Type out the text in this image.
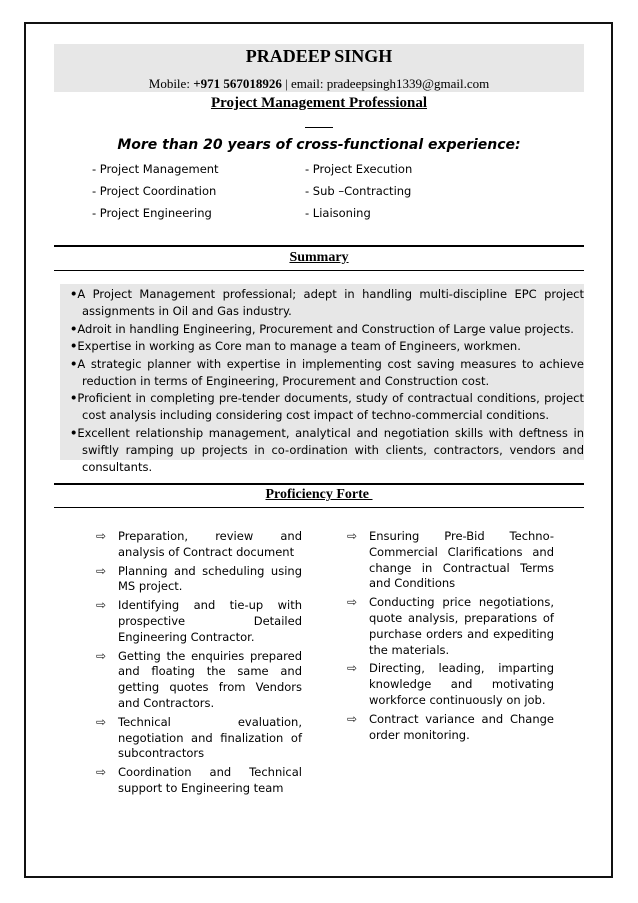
PRADEEP SINGH
Mobile: +971 567018926 | email: pradeepsingh1339@gmail.com
Project Management Professional
More than 20 years of cross-functional experience:
- Project Management
- Project Coordination
- Project Engineering
- Project Execution
- Sub –Contracting
- Liaisoning
Summary
•A Project Management professional; adept in handling multi-discipline EPC project assignments in Oil and Gas industry.
•Adroit in handling Engineering, Procurement and Construction of Large value projects.
•Expertise in working as Core man to manage a team of Engineers, workmen.
•A strategic planner with expertise in implementing cost saving measures to achieve reduction in terms of Engineering, Procurement and Construction cost.
•Proficient in completing pre-tender documents, study of contractual conditions, project cost analysis including considering cost impact of techno-commercial conditions.
•Excellent relationship management, analytical and negotiation skills with deftness in swiftly ramping up projects in co-ordination with clients, contractors, vendors and consultants.
Proficiency Forte
⇨ Preparation, review and analysis of Contract document
⇨ Planning and scheduling using MS project.
⇨ Identifying and tie-up with prospective Detailed Engineering Contractor.
⇨ Getting the enquiries prepared and floating the same and getting quotes from Vendors and Contractors.
⇨ Technical evaluation, negotiation and finalization of subcontractors
⇨ Coordination and Technical support to Engineering team
⇨ Ensuring Pre-Bid Techno-Commercial Clarifications and change in Contractual Terms and Conditions
⇨ Conducting price negotiations, quote analysis, preparations of purchase orders and expediting the materials.
⇨ Directing, leading, imparting knowledge and motivating workforce continuously on job.
⇨ Contract variance and Change order monitoring.
